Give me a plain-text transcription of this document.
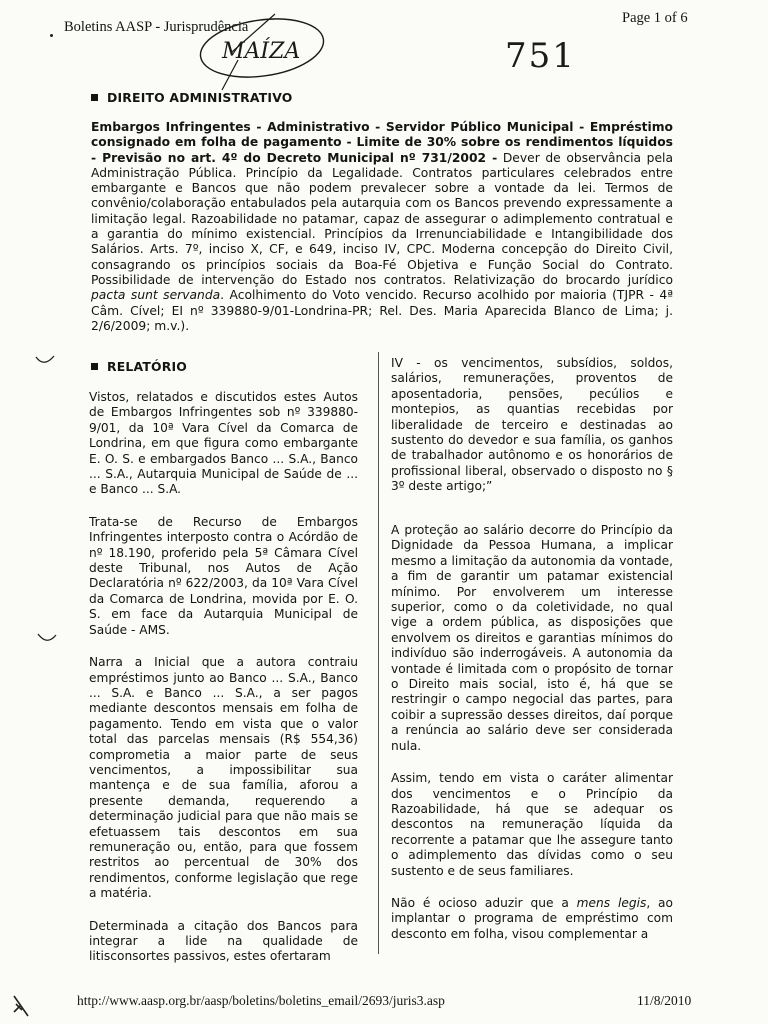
Boletins AASP - Jurisprudência
Page 1 of 6
MAÍZA	751
DIREITO ADMINISTRATIVO
Embargos Infringentes - Administrativo - Servidor Público Municipal - Empréstimo consignado em folha de pagamento - Limite de 30% sobre os rendimentos líquidos - Previsão no art. 4º do Decreto Municipal nº 731/2002 - Dever de observância pela Administração Pública. Princípio da Legalidade. Contratos particulares celebrados entre embargante e Bancos que não podem prevalecer sobre a vontade da lei. Termos de convênio/colaboração entabulados pela autarquia com os Bancos prevendo expressamente a limitação legal. Razoabilidade no patamar, capaz de assegurar o adimplemento contratual e a garantia do mínimo existencial. Princípios da Irrenunciabilidade e Intangibilidade dos Salários. Arts. 7º, inciso X, CF, e 649, inciso IV, CPC. Moderna concepção do Direito Civil, consagrando os princípios sociais da Boa-Fé Objetiva e Função Social do Contrato. Possibilidade de intervenção do Estado nos contratos. Relativização do brocardo jurídico pacta sunt servanda. Acolhimento do Voto vencido. Recurso acolhido por maioria (TJPR - 4ª Câm. Cível; EI nº 339880-9/01-Londrina-PR; Rel. Des. Maria Aparecida Blanco de Lima; j. 2/6/2009; m.v.).
RELATÓRIO

Vistos, relatados e discutidos estes Autos de Embargos Infringentes sob nº 339880-9/01, da 10ª Vara Cível da Comarca de Londrina, em que figura como embargante E. O. S. e embargados Banco ... S.A., Banco ... S.A., Autarquia Municipal de Saúde de ... e Banco ... S.A.

Trata-se de Recurso de Embargos Infringentes interposto contra o Acórdão de nº 18.190, proferido pela 5ª Câmara Cível deste Tribunal, nos Autos de Ação Declaratória nº 622/2003, da 10ª Vara Cível da Comarca de Londrina, movida por E. O. S. em face da Autarquia Municipal de Saúde - AMS.

Narra a Inicial que a autora contraiu empréstimos junto ao Banco ... S.A., Banco ... S.A. e Banco ... S.A., a ser pagos mediante descontos mensais em folha de pagamento. Tendo em vista que o valor total das parcelas mensais (R$ 554,36) comprometia a maior parte de seus vencimentos, a impossibilitar sua mantença e de sua família, aforou a presente demanda, requerendo a determinação judicial para que não mais se efetuassem tais descontos em sua remuneração ou, então, para que fossem restritos ao percentual de 30% dos rendimentos, conforme legislação que rege a matéria.

Determinada a citação dos Bancos para integrar a lide na qualidade de litisconsortes passivos, estes ofertaram

IV - os vencimentos, subsídios, soldos, salários, remunerações, proventos de aposentadoria, pensões, pecúlios e montepios, as quantias recebidas por liberalidade de terceiro e destinadas ao sustento do devedor e sua família, os ganhos de trabalhador autônomo e os honorários de profissional liberal, observado o disposto no § 3º deste artigo;”

A proteção ao salário decorre do Princípio da Dignidade da Pessoa Humana, a implicar mesmo a limitação da autonomia da vontade, a fim de garantir um patamar existencial mínimo. Por envolverem um interesse superior, como o da coletividade, no qual vige a ordem pública, as disposições que envolvem os direitos e garantias mínimos do indivíduo são inderrogáveis. A autonomia da vontade é limitada com o propósito de tornar o Direito mais social, isto é, há que se restringir o campo negocial das partes, para coibir a supressão desses direitos, daí porque a renúncia ao salário deve ser considerada nula.

Assim, tendo em vista o caráter alimentar dos vencimentos e o Princípio da Razoabilidade, há que se adequar os descontos na remuneração líquida da recorrente a patamar que lhe assegure tanto o adimplemento das dívidas como o seu sustento e de seus familiares.

Não é ocioso aduzir que a mens legis, ao implantar o programa de empréstimo com desconto em folha, visou complementar a

http://www.aasp.org.br/aasp/boletins/boletins_email/2693/juris3.asp	11/8/2010
